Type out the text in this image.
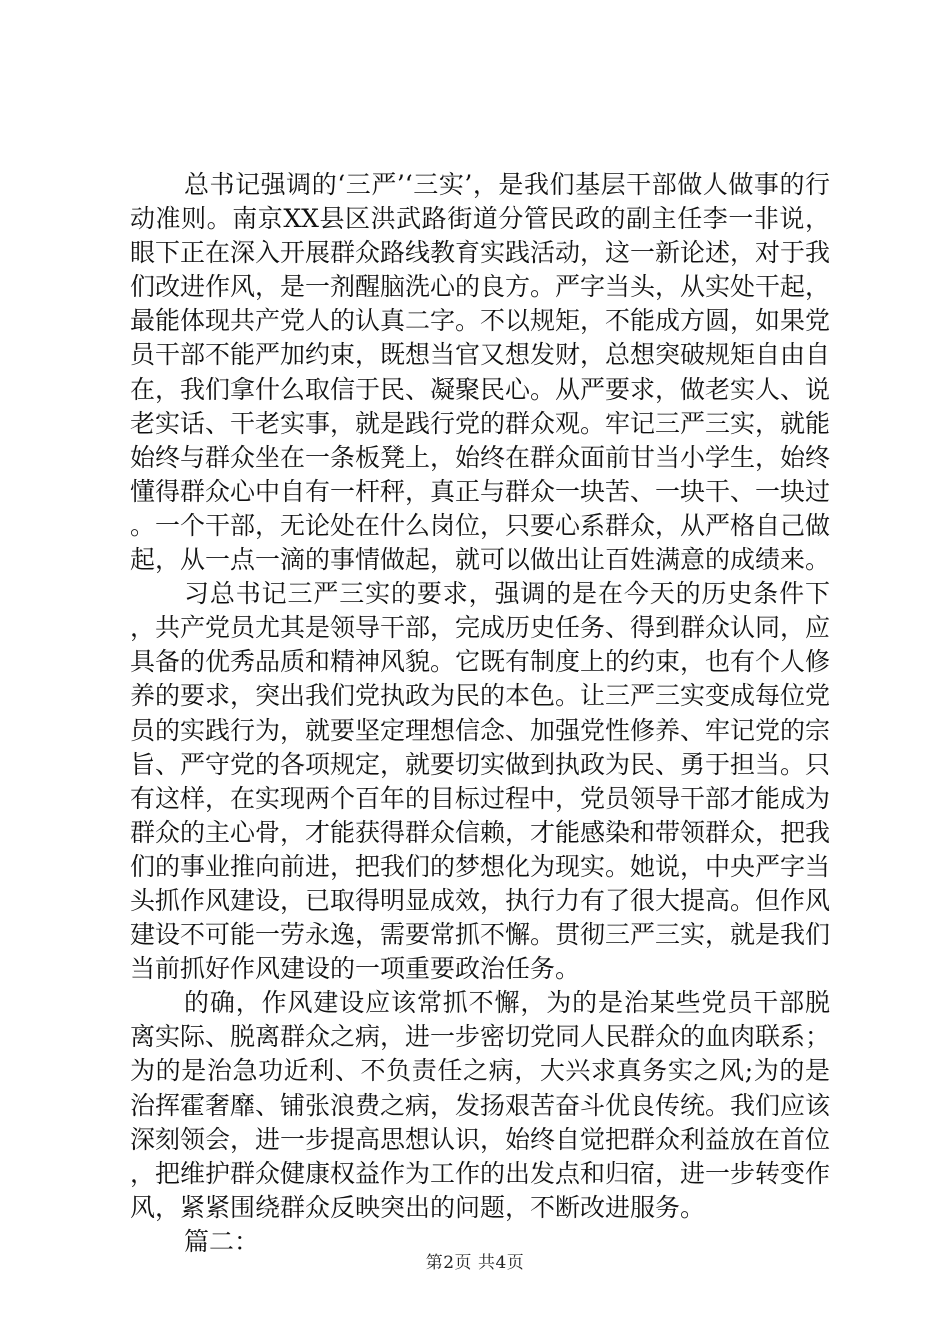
总书记强调的‘三严’‘三实’，是我们基层干部做人做事的行动准则。南京XX县区洪武路街道分管民政的副主任李一非说，眼下正在深入开展群众路线教育实践活动，这一新论述，对于我们改进作风，是一剂醒脑洗心的良方。严字当头，从实处干起，最能体现共产党人的认真二字。不以规矩，不能成方圆，如果党员干部不能严加约束，既想当官又想发财，总想突破规矩自由自在，我们拿什么取信于民、凝聚民心。从严要求，做老实人、说老实话、干老实事，就是践行党的群众观。牢记三严三实，就能始终与群众坐在一条板凳上，始终在群众面前甘当小学生，始终懂得群众心中自有一杆秤，真正与群众一块苦、一块干、一块过。一个干部，无论处在什么岗位，只要心系群众，从严格自己做起，从一点一滴的事情做起，就可以做出让百姓满意的成绩来。

习总书记三严三实的要求，强调的是在今天的历史条件下，共产党员尤其是领导干部，完成历史任务、得到群众认同，应具备的优秀品质和精神风貌。它既有制度上的约束，也有个人修养的要求，突出我们党执政为民的本色。让三严三实变成每位党员的实践行为，就要坚定理想信念、加强党性修养、牢记党的宗旨、严守党的各项规定，就要切实做到执政为民、勇于担当。只有这样，在实现两个百年的目标过程中，党员领导干部才能成为群众的主心骨，才能获得群众信赖，才能感染和带领群众，把我们的事业推向前进，把我们的梦想化为现实。她说，中央严字当头抓作风建设，已取得明显成效，执行力有了很大提高。但作风建设不可能一劳永逸，需要常抓不懈。贯彻三严三实，就是我们当前抓好作风建设的一项重要政治任务。

的确，作风建设应该常抓不懈，为的是治某些党员干部脱离实际、脱离群众之病，进一步密切党同人民群众的血肉联系；为的是治急功近利、不负责任之病，大兴求真务实之风;为的是治挥霍奢靡、铺张浪费之病，发扬艰苦奋斗优良传统。我们应该深刻领会，进一步提高思想认识，始终自觉把群众利益放在首位，把维护群众健康权益作为工作的出发点和归宿，进一步转变作风，紧紧围绕群众反映突出的问题，不断改进服务。

篇二：

第2页 共4页
